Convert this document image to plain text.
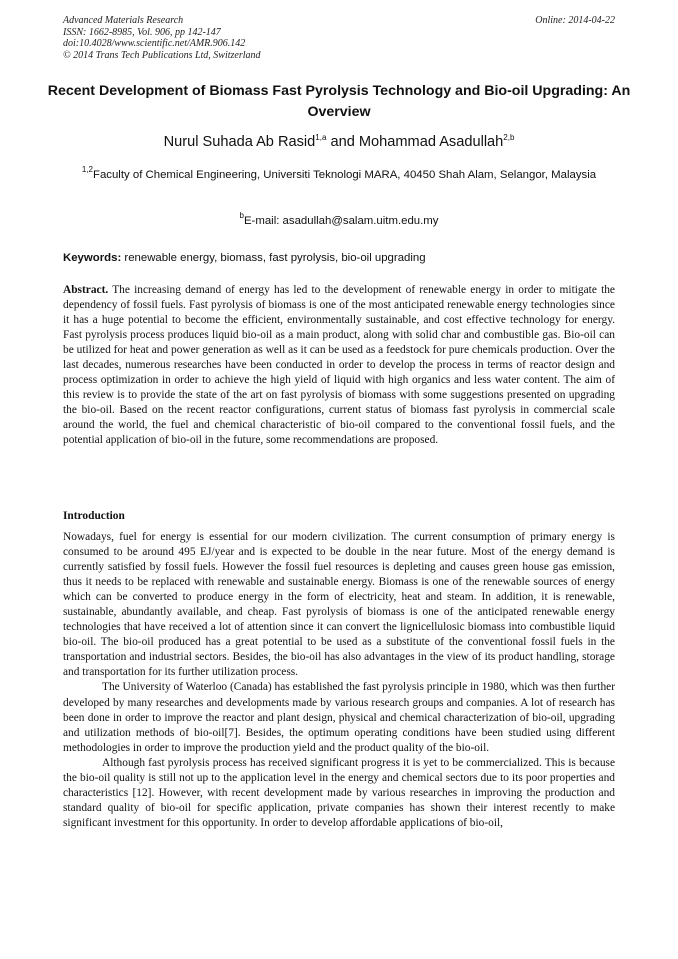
Advanced Materials Research
ISSN: 1662-8985, Vol. 906, pp 142-147
doi:10.4028/www.scientific.net/AMR.906.142
© 2014 Trans Tech Publications Ltd, Switzerland
Online: 2014-04-22
Recent Development of Biomass Fast Pyrolysis Technology and Bio-oil Upgrading: An Overview
Nurul Suhada Ab Rasid$^{1,a}$ and Mohammad Asadullah$^{2,b}$
$^{1,2}$Faculty of Chemical Engineering, Universiti Teknologi MARA, 40450 Shah Alam, Selangor, Malaysia
$^b$E-mail: asadullah@salam.uitm.edu.my
Keywords: renewable energy, biomass, fast pyrolysis, bio-oil upgrading

Abstract. The increasing demand of energy has led to the development of renewable energy in order to mitigate the dependency of fossil fuels. Fast pyrolysis of biomass is one of the most anticipated renewable energy technologies since it has a huge potential to become the efficient, environmentally sustainable, and cost effective technology for energy. Fast pyrolysis process produces liquid bio-oil as a main product, along with solid char and combustible gas. Bio-oil can be utilized for heat and power generation as well as it can be used as a feedstock for pure chemicals production. Over the last decades, numerous researches have been conducted in order to develop the process in terms of reactor design and process optimization in order to achieve the high yield of liquid with high organics and less water content. The aim of this review is to provide the state of the art on fast pyrolysis of biomass with some suggestions presented on upgrading the bio-oil. Based on the recent reactor configurations, current status of biomass fast pyrolysis in commercial scale around the world, the fuel and chemical characteristic of bio-oil compared to the conventional fossil fuels, and the potential application of bio-oil in the future, some recommendations are proposed.

Introduction

Nowadays, fuel for energy is essential for our modern civilization. The current consumption of primary energy is consumed to be around 495 EJ/year and is expected to be double in the near future. Most of the energy demand is currently satisfied by fossil fuels. However the fossil fuel resources is depleting and causes green house gas emission, thus it needs to be replaced with renewable and sustainable energy. Biomass is one of the renewable sources of energy which can be converted to produce energy in the form of electricity, heat and steam. In addition, it is renewable, sustainable, abundantly available, and cheap. Fast pyrolysis of biomass is one of the anticipated renewable energy technologies that have received a lot of attention since it can convert the lignicellulosic biomass into combustible liquid bio-oil. The bio-oil produced has a great potential to be used as a substitute of the conventional fossil fuels in the transportation and industrial sectors. Besides, the bio-oil has also advantages in the view of its product handling, storage and transportation for its further utilization process.

The University of Waterloo (Canada) has established the fast pyrolysis principle in 1980, which was then further developed by many researches and developments made by various research groups and companies. A lot of research has been done in order to improve the reactor and plant design, physical and chemical characterization of bio-oil, upgrading and utilization methods of bio-oil[7]. Besides, the optimum operating conditions have been studied using different methodologies in order to improve the production yield and the product quality of the bio-oil.

Although fast pyrolysis process has received significant progress it is yet to be commercialized. This is because the bio-oil quality is still not up to the application level in the energy and chemical sectors due to its poor properties and characteristics [12]. However, with recent development made by various researches in improving the production and standard quality of bio-oil for specific application, private companies has shown their interest recently to make significant investment for this opportunity. In order to develop affordable applications of bio-oil,
